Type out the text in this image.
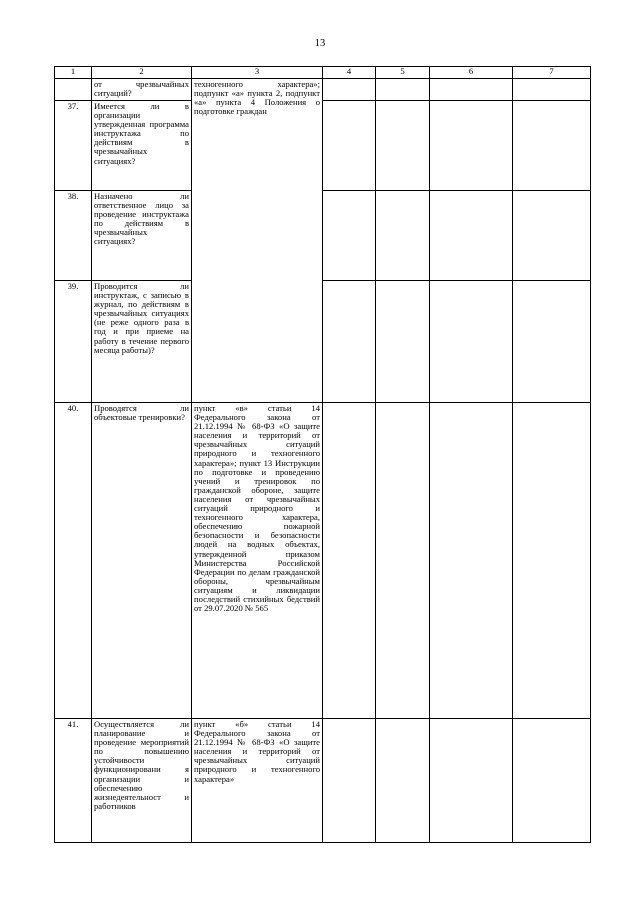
13
1	2	3	4	5	6	7
	от чрезвычайных ситуаций?	техногенного характера»; подпункт «а» пункта 2, подпункт «а» пункта 4 Положения о подготовке граждан				
37.	Имеется ли в организации утвержденная программа инструктажа по действиям в чрезвычайных ситуациях?					
38.	Назначено ли ответственное лицо за проведение инструктажа по действиям в чрезвычайных ситуациях?					
39.	Проводится ли инструктаж, с записью в журнал, по действиям в чрезвычайных ситуациях (не реже одного раза в год и при приеме на работу в течение первого месяца работы)?					
40.	Проводятся ли объектовые тренировки?	пункт «в» статьи 14 Федерального закона от 21.12.1994 № 68-ФЗ «О защите населения и территорий от чрезвычайных ситуаций природного и техногенного характера»; пункт 13 Инструкции по подготовке и проведению учений и тренировок по гражданской обороне, защите населения от чрезвычайных ситуаций природного и техногенного характера, обеспечению пожарной безопасности и безопасности людей на водных объектах, утвержденной приказом Министерства Российской Федерации по делам гражданской обороны, чрезвычайным ситуациям и ликвидации последствий стихийных бедствий от 29.07.2020 № 565				
41.	Осуществляется ли планирование и проведение мероприятий по повышению устойчивости функционировани я организации и обеспечению жизнедеятельност и работников	пункт «б» статьи 14 Федерального закона от 21.12.1994 № 68-ФЗ «О защите населения и территорий от чрезвычайных ситуаций природного и техногенного характера»				
